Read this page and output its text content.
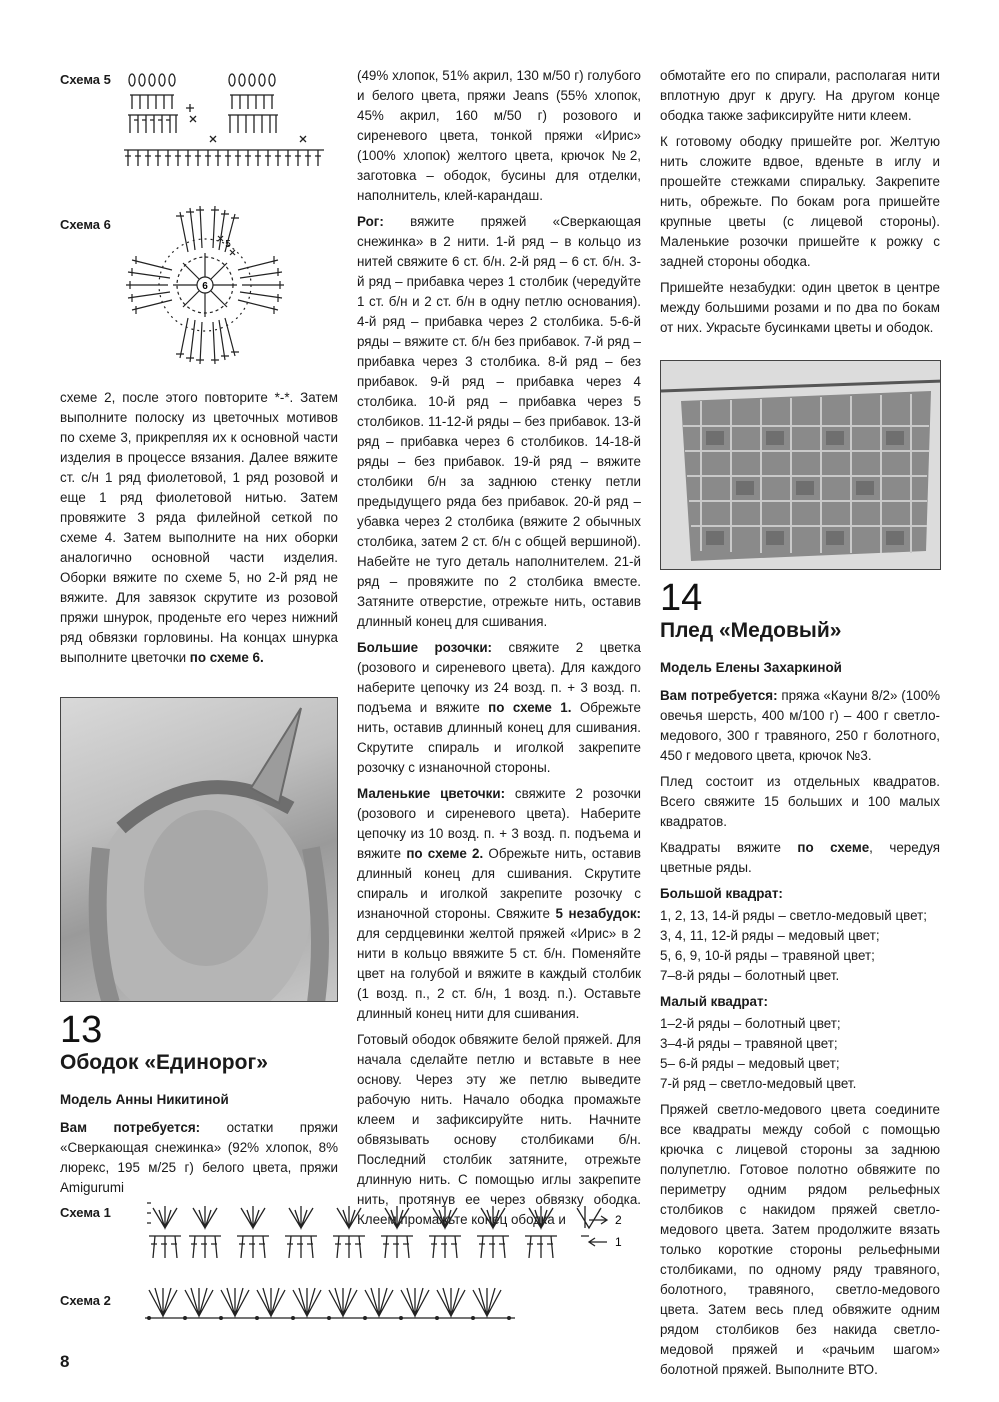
Схема 5
Схема 6
6
5

схеме 2, после этого повторите *-*. Затем выполните полоску из цветочных мотивов по схеме 3, прикрепляя их к основной части изделия в процессе вязания. Далее вяжите ст. с/н 1 ряд фиолетовой, 1 ряд розовой и еще 1 ряд фиолетовой нитью. Затем провяжите 3 ряда филейной сеткой по схеме 4. Затем выполните на них оборки аналогично основной части изделия. Оборки вяжите по схеме 5, но 2-й ряд не вяжите. Для завязок скрутите из розовой пряжи шнурок, проденьте его через нижний ряд обвязки горловины. На концах шнурка выполните цветочки по схеме 6.

13
Ободок «Единорог»
Модель Анны Никитиной

Вам потребуется: остатки пряжи «Сверкающая снежинка» (92% хлопок, 8% люрекс, 195 м/25 г) белого цвета, пряжи Amigurumi

(49% хлопок, 51% акрил, 130 м/50 г) голубого и белого цвета, пряжи Jeans (55% хлопок, 45% акрил, 160 м/50 г) розового и сиреневого цвета, тонкой пряжи «Ирис» (100% хлопок) желтого цвета, крючок №2, заготовка – ободок, бусины для отделки, наполнитель, клей-карандаш.

Рог: вяжите пряжей «Сверкающая снежинка» в 2 нити. 1-й ряд – в кольцо из нитей свяжите 6 ст. б/н. 2-й ряд – 6 ст. б/н. 3-й ряд – прибавка через 1 столбик (чередуйте 1 ст. б/н и 2 ст. б/н в одну петлю основания). 4-й ряд – прибавка через 2 столбика. 5-6-й ряды – вяжите ст. б/н без прибавок. 7-й ряд – прибавка через 3 столбика. 8-й ряд – без прибавок. 9-й ряд – прибавка через 4 столбика. 10-й ряд – прибавка через 5 столбиков. 11-12-й ряды – без прибавок. 13-й ряд – прибавка через 6 столбиков. 14-18-й ряды – без прибавок. 19-й ряд – вяжите столбики б/н за заднюю стенку петли предыдущего ряда без прибавок. 20-й ряд – убавка через 2 столбика (вяжите 2 обычных столбика, затем 2 ст. б/н с общей вершиной). Набейте не туго деталь наполнителем. 21-й ряд – провяжите по 2 столбика вместе. Затяните отверстие, отрежьте нить, оставив длинный конец для сшивания.

Большие розочки: свяжите 2 цветка (розового и сиреневого цвета). Для каждого наберите цепочку из 24 возд. п. + 3 возд. п. подъема и вяжите по схеме 1. Обрежьте нить, оставив длинный конец для сшивания. Скрутите спираль и иголкой закрепите розочку с изнаночной стороны.

Маленькие цветочки: свяжите 2 розочки (розового и сиреневого цвета). Наберите цепочку из 10 возд. п. + 3 возд. п. подъема и вяжите по схеме 2. Обрежьте нить, оставив длинный конец для сшивания. Скрутите спираль и иголкой закрепите розочку с изнаночной стороны. Свяжите 5 незабудок: для сердцевинки желтой пряжей «Ирис» в 2 нити в кольцо ввяжите 5 ст. б/н. Поменяйте цвет на голубой и вяжите в каждый столбик (1 возд. п., 2 ст. б/н, 1 возд. п.). Оставьте длинный конец нити для сшивания.

Готовый ободок обвяжите белой пряжей. Для начала сделайте петлю и вставьте в нее основу. Через эту же петлю выведите рабочую нить. Начало ободка промажьте клеем и зафиксируйте нить. Начните обвязывать основу столбиками б/н. Последний столбик затяните, отрежьте длинную нить. С помощью иглы закрепите нить, протянув ее через обвязку ободка. Клеем промажьте конец ободка и

обмотайте его по спирали, располагая нити вплотную друг к другу. На другом конце ободка также зафиксируйте нити клеем.

К готовому ободку пришейте рог. Желтую нить сложите вдвое, вденьте в иглу и прошейте стежками спиральку. Закрепите нить, обрежьте. По бокам рога пришейте крупные цветы (с лицевой стороны). Маленькие розочки пришейте к рожку с задней стороны ободка.

Пришейте незабудки: один цветок в центре между большими розами и по два по бокам от них. Украсьте бусинками цветы и ободок.

14
Плед «Медовый»
Модель Елены Захаркиной

Вам потребуется: пряжа «Кауни 8/2» (100% овечья шерсть, 400 м/100 г) – 400 г светло-медового, 300 г травяного, 250 г болотного, 450 г медового цвета, крючок №3.

Плед состоит из отдельных квадратов. Всего свяжите 15 больших и 100 малых квадратов.

Квадраты вяжите по схеме, чередуя цветные ряды.

Большой квадрат:
1, 2, 13, 14-й ряды – светло-медовый цвет;
3, 4, 11, 12-й ряды – медовый цвет;
5, 6, 9, 10-й ряды – травяной цвет;
7–8-й ряды – болотный цвет.
Малый квадрат:
1–2-й ряды – болотный цвет;
3–4-й ряды – травяной цвет;
5– 6-й ряды – медовый цвет;
7-й ряд – светло-медовый цвет.

Пряжей светло-медового цвета соедините все квадраты между собой с помощью крючка с лицевой стороны за заднюю полупетлю. Готовое полотно обвяжите по периметру одним рядом рельефных столбиков с накидом пряжей светло-медового цвета. Затем продолжите вязать только короткие стороны рельефными столбиками, по одному ряду травяного, болотного, травяного, светло-медового цвета. Затем весь плед обвяжите одним рядом столбиков без накида светло-медовой пряжей и «рачьим шагом» болотной пряжей. Выполните ВТО.

Схема 1	2
1
Схема 2
8
